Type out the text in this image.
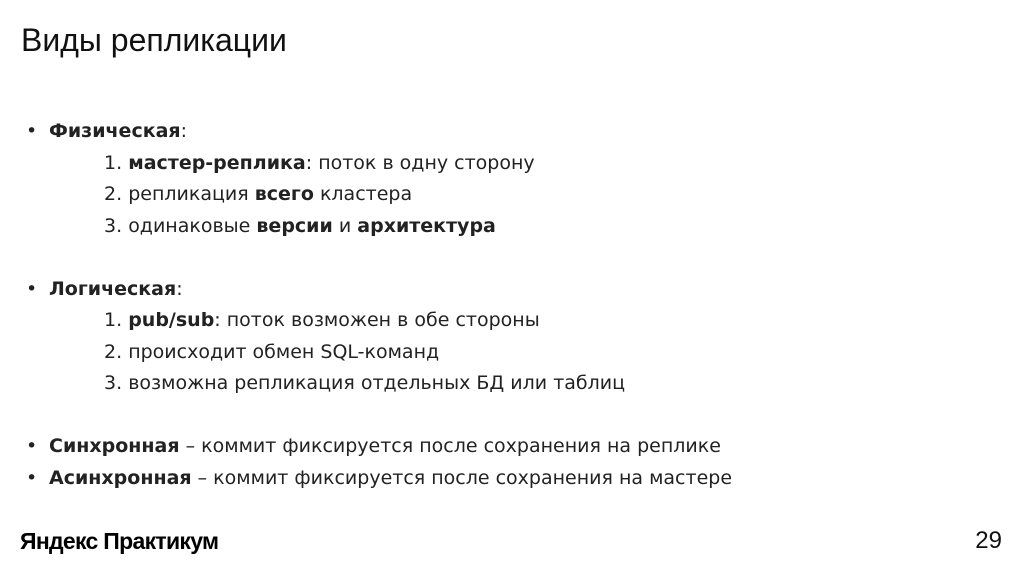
Виды репликации
• Физическая:
1. мастер-реплика: поток в одну сторону
2. репликация всего кластера
3. одинаковые версии и архитектура
• Логическая:
1. pub/sub: поток возможен в обе стороны
2. происходит обмен SQL-команд
3. возможна репликация отдельных БД или таблиц
• Синхронная – коммит фиксируется после сохранения на реплике
• Асинхронная – коммит фиксируется после сохранения на мастере
Яндекс Практикум	29
